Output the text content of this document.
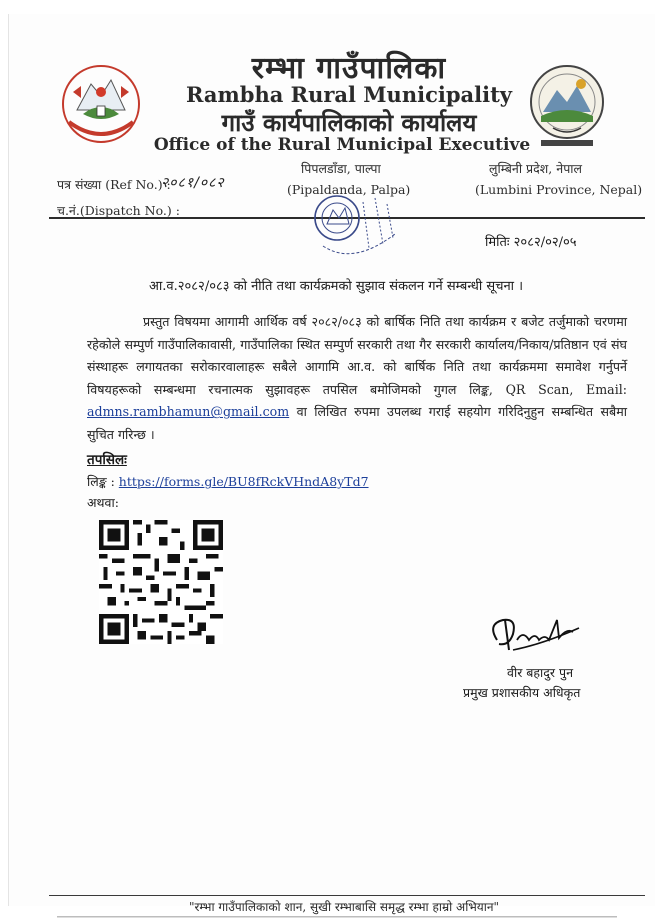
रम्भा गाउँपालिका
Rambha Rural Municipality
गाउँ कार्यपालिकाको कार्यालय
Office of the Rural Municipal Executive
पत्र संख्या (Ref No.) :
२०८१/०८२
च.नं.(Dispatch No.) :
पिपलडाँडा, पाल्पा
(Pipaldanda, Palpa)
लुम्बिनी प्रदेश, नेपाल
(Lumbini Province, Nepal)
मितिः २०८२/०२/०५
आ.व.२०८२/०८३ को नीति तथा कार्यक्रमको सुझाव संकलन गर्ने सम्बन्धी सूचना ।
प्रस्तुत विषयमा आगामी आर्थिक वर्ष २०८२/०८३ को बार्षिक निति तथा कार्यक्रम र बजेट तर्जुमाको चरणमा रहेकोले सम्पुर्ण गाउँपालिकावासी, गाउँपालिका स्थित सम्पुर्ण सरकारी तथा गैर सरकारी कार्यालय/निकाय/प्रतिष्ठान एवं संघ संस्थाहरू लगायतका सरोकारवालाहरू सबैले आगामि आ.व. को बार्षिक निति तथा कार्यक्रममा समावेश गर्नुपर्ने विषयहरूको सम्बन्धमा रचनात्मक सुझावहरू तपसिल बमोजिमको गुगल लिङ्क, QR Scan, Email: admns.rambhamun@gmail.com वा लिखित रुपमा उपलब्ध गराई सहयोग गरिदिनुहुन सम्बन्धित सबैमा सुचित गरिन्छ ।
तपसिलः
लिङ्क : https://forms.gle/BU8fRckVHndA8yTd7
अथवा:
वीर बहादुर पुन
प्रमुख प्रशासकीय अधिकृत
"रम्भा गाउँपालिकाको शान, सुखी रम्भाबासि समृद्ध रम्भा हाम्रो अभियान"
